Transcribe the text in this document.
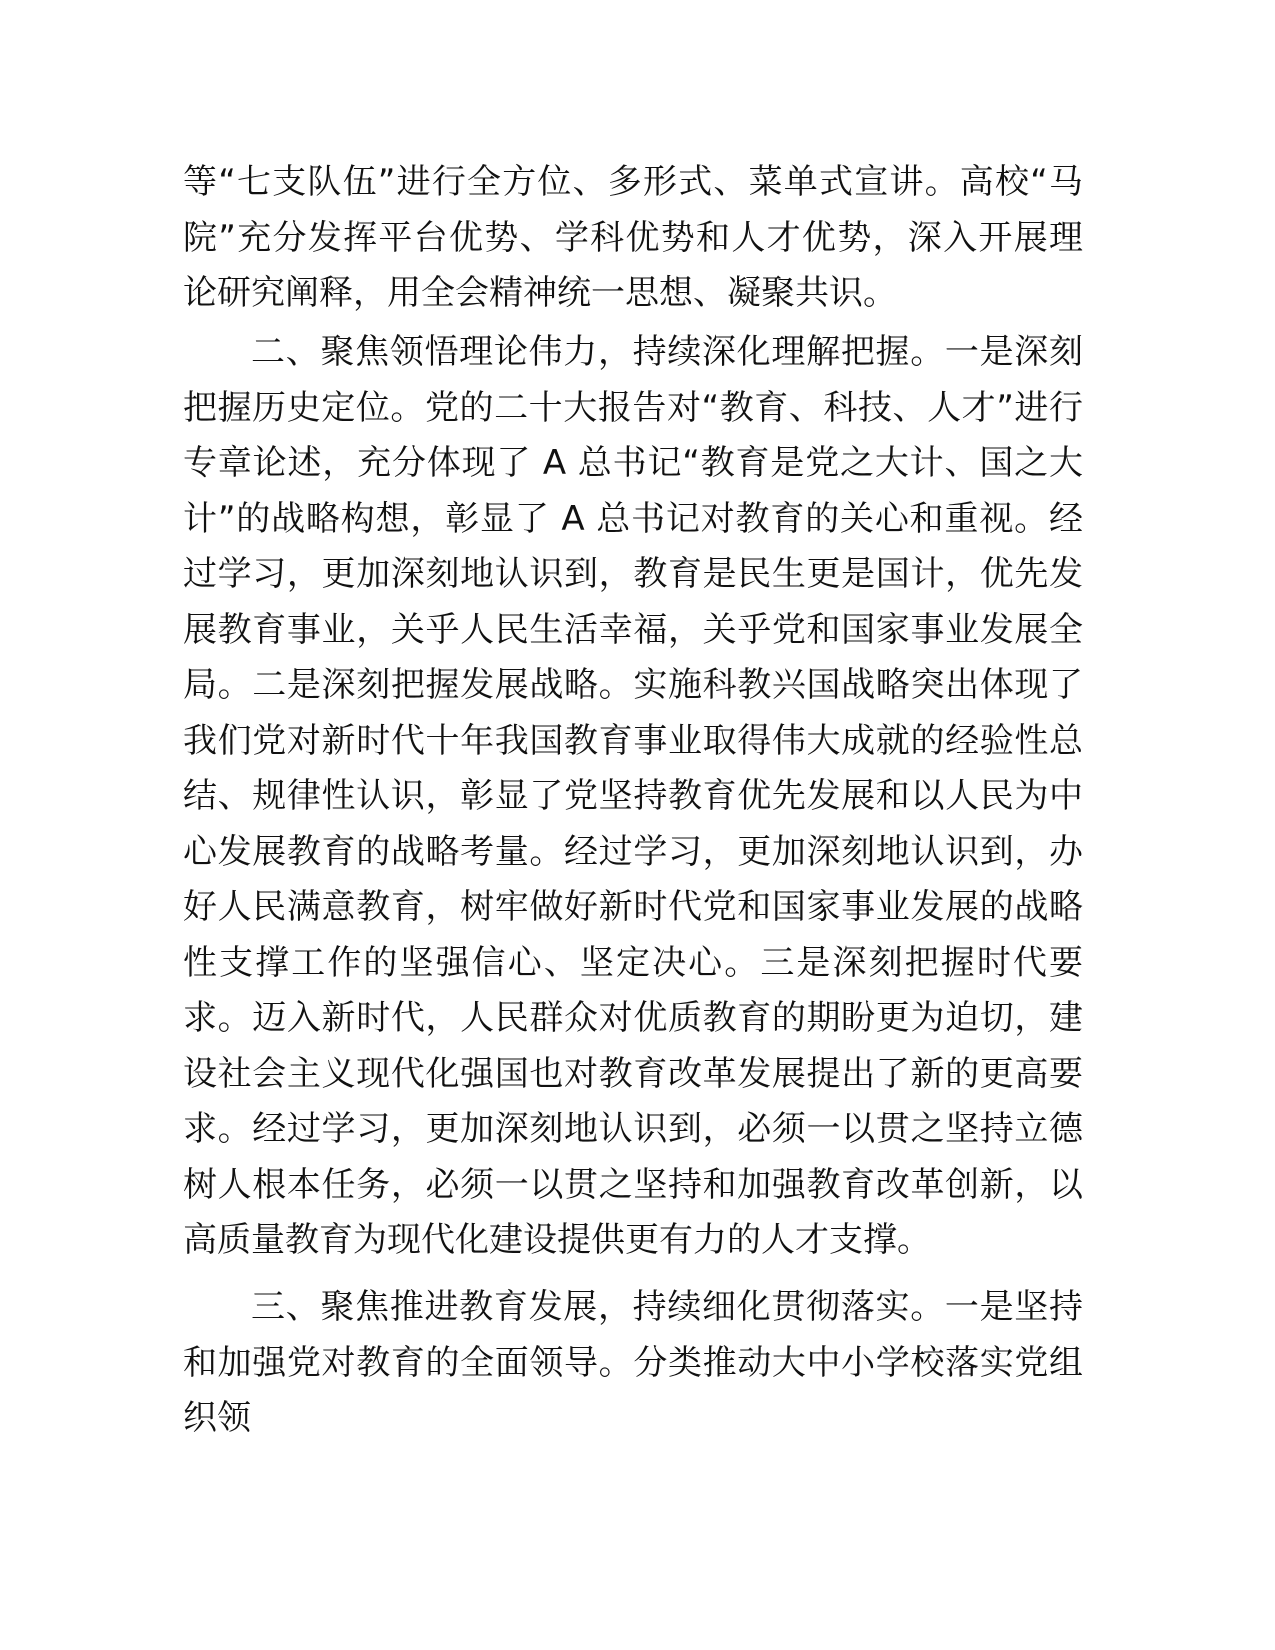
等“七支队伍”进行全方位、多形式、菜单式宣讲。高校“马院”充分发挥平台优势、学科优势和人才优势，深入开展理论研究阐释，用全会精神统一思想、凝聚共识。

二、聚焦领悟理论伟力，持续深化理解把握。一是深刻把握历史定位。党的二十大报告对“教育、科技、人才”进行专章论述，充分体现了 A 总书记“教育是党之大计、国之大计”的战略构想，彰显了 A 总书记对教育的关心和重视。经过学习，更加深刻地认识到，教育是民生更是国计，优先发展教育事业，关乎人民生活幸福，关乎党和国家事业发展全局。二是深刻把握发展战略。实施科教兴国战略突出体现了我们党对新时代十年我国教育事业取得伟大成就的经验性总结、规律性认识，彰显了党坚持教育优先发展和以人民为中心发展教育的战略考量。经过学习，更加深刻地认识到，办好人民满意教育，树牢做好新时代党和国家事业发展的战略性支撑工作的坚强信心、坚定决心。三是深刻把握时代要求。迈入新时代，人民群众对优质教育的期盼更为迫切，建设社会主义现代化强国也对教育改革发展提出了新的更高要求。经过学习，更加深刻地认识到，必须一以贯之坚持立德树人根本任务，必须一以贯之坚持和加强教育改革创新，以高质量教育为现代化建设提供更有力的人才支撑。

三、聚焦推进教育发展，持续细化贯彻落实。一是坚持和加强党对教育的全面领导。分类推动大中小学校落实党组织领
